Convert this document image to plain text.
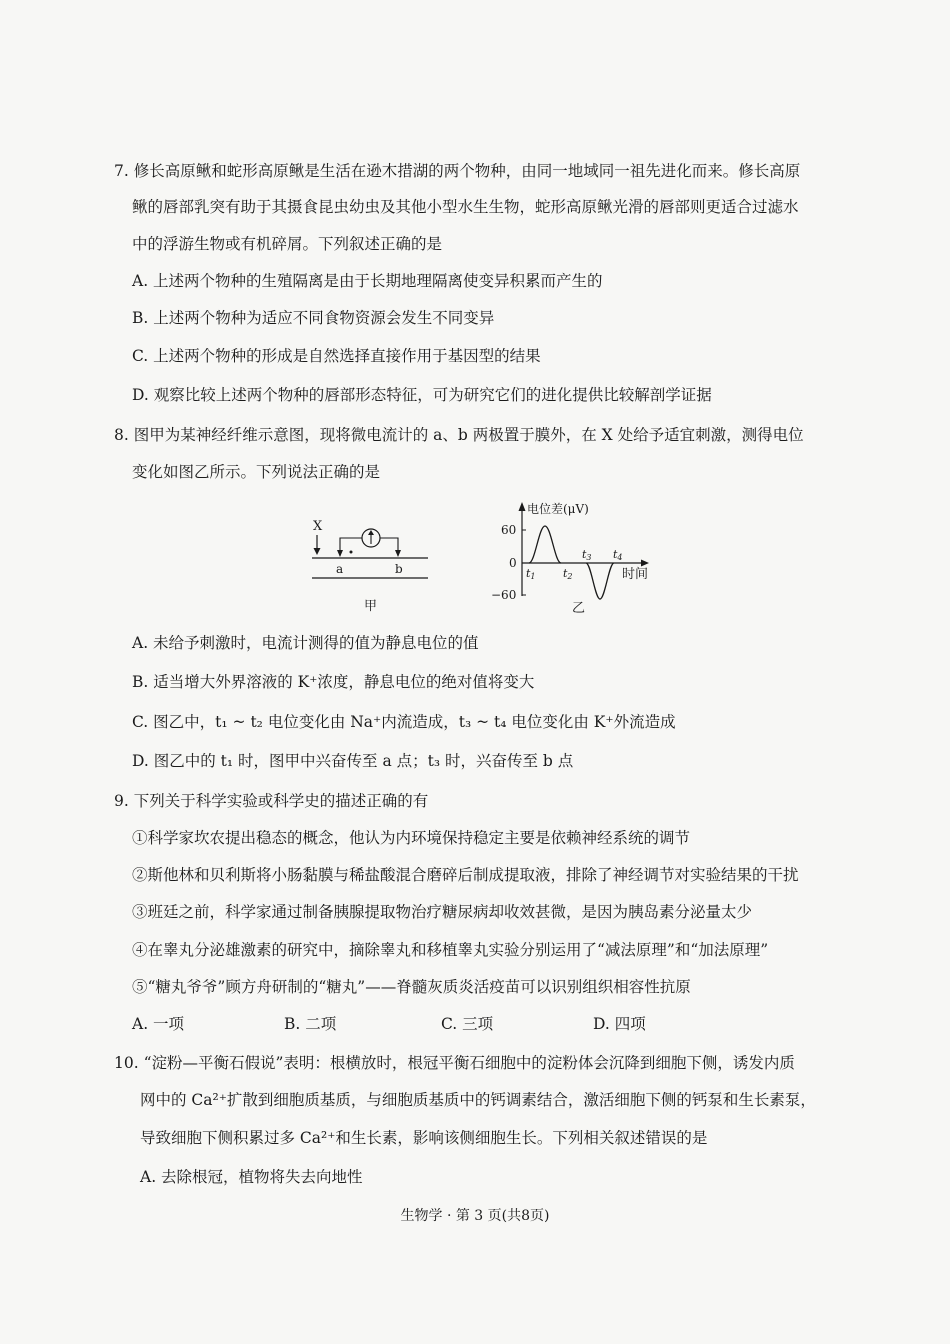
7. 修长高原鳅和蛇形高原鳅是生活在逊木措湖的两个物种，由同一地域同一祖先进化而来。修长高原
鳅的唇部乳突有助于其摄食昆虫幼虫及其他小型水生生物，蛇形高原鳅光滑的唇部则更适合过滤水
中的浮游生物或有机碎屑。下列叙述正确的是
A. 上述两个物种的生殖隔离是由于长期地理隔离使变异积累而产生的
B. 上述两个物种为适应不同食物资源会发生不同变异
C. 上述两个物种的形成是自然选择直接作用于基因型的结果
D. 观察比较上述两个物种的唇部形态特征，可为研究它们的进化提供比较解剖学证据
8. 图甲为某神经纤维示意图，现将微电流计的 a、b 两极置于膜外，在 X 处给予适宜刺激，测得电位
变化如图乙所示。下列说法正确的是
X
a	b
甲
电位差(μV)
60
0
−60
t1 t2
t3 t4
时间
乙
A. 未给予刺激时，电流计测得的值为静息电位的值
B. 适当增大外界溶液的 K⁺浓度，静息电位的绝对值将变大
C. 图乙中，t₁ ~ t₂ 电位变化由 Na⁺内流造成，t₃ ~ t₄ 电位变化由 K⁺外流造成
D. 图乙中的 t₁ 时，图甲中兴奋传至 a 点；t₃ 时，兴奋传至 b 点
9. 下列关于科学实验或科学史的描述正确的有
①科学家坎农提出稳态的概念，他认为内环境保持稳定主要是依赖神经系统的调节
②斯他林和贝利斯将小肠黏膜与稀盐酸混合磨碎后制成提取液，排除了神经调节对实验结果的干扰
③班廷之前，科学家通过制备胰腺提取物治疗糖尿病却收效甚微，是因为胰岛素分泌量太少
④在睾丸分泌雄激素的研究中，摘除睾丸和移植睾丸实验分别运用了“减法原理”和“加法原理”
⑤“糖丸爷爷”顾方舟研制的“糖丸”——脊髓灰质炎活疫苗可以识别组织相容性抗原
A. 一项	B. 二项	C. 三项	D. 四项
10. “淀粉—平衡石假说”表明：根横放时，根冠平衡石细胞中的淀粉体会沉降到细胞下侧，诱发内质
网中的 Ca²⁺扩散到细胞质基质，与细胞质基质中的钙调素结合，激活细胞下侧的钙泵和生长素泵，
导致细胞下侧积累过多 Ca²⁺和生长素，影响该侧细胞生长。下列相关叙述错误的是
A. 去除根冠，植物将失去向地性
生物学 · 第 3 页(共8页)
